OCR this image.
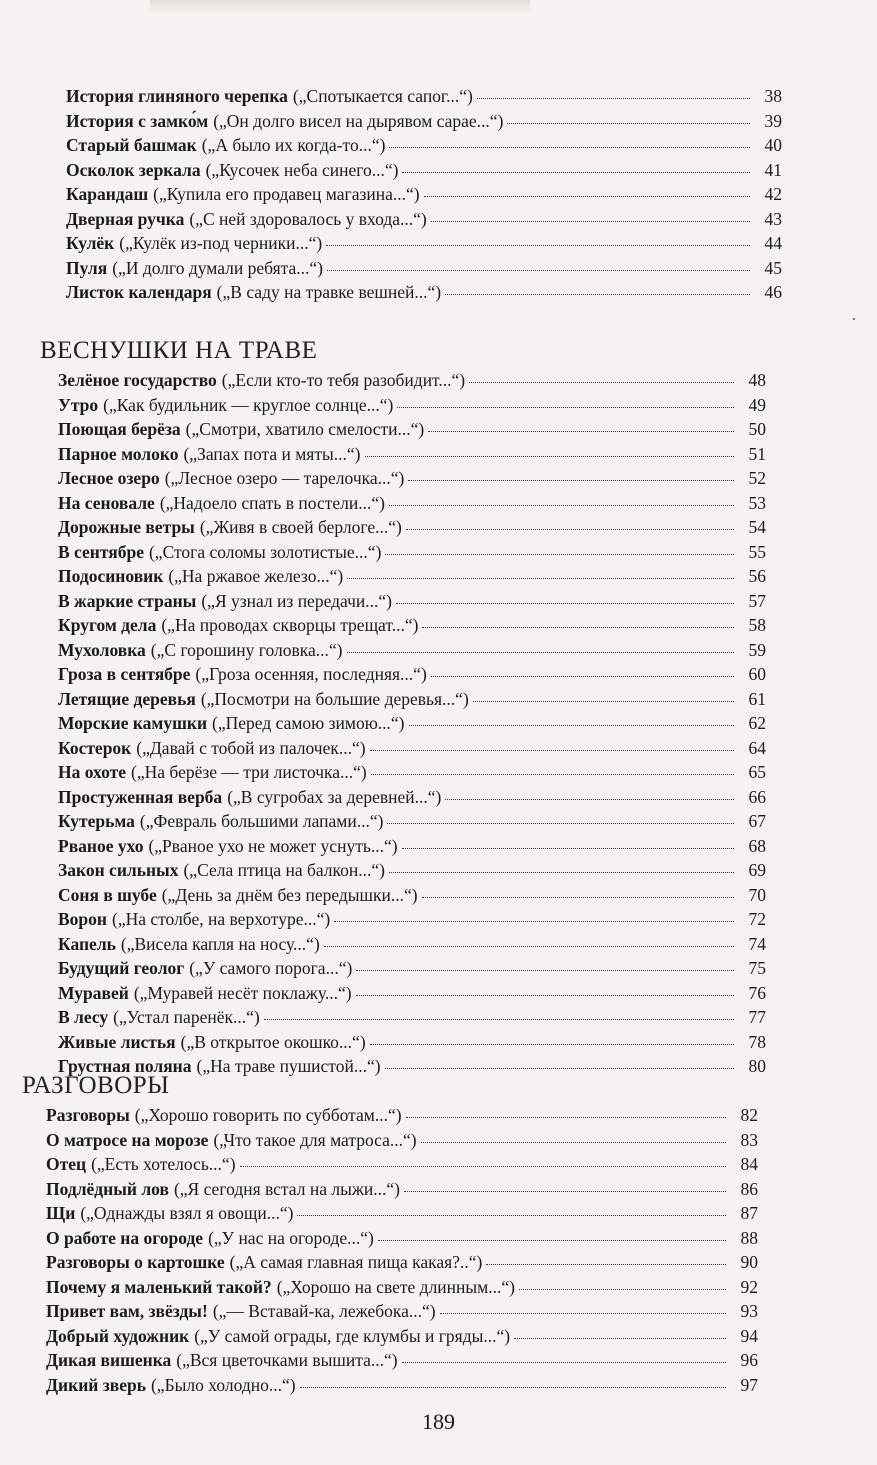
История глиняного черепка („Спотыкается сапог...“)	38
История с замко́м („Он долго висел на дырявом сарае...“)	39
Старый башмак („А было их когда-то...“)	40
Осколок зеркала („Кусочек неба синего...“)	41
Карандаш („Купила его продавец магазина...“)	42
Дверная ручка („С ней здоровалось у входа...“)	43
Кулёк („Кулёк из-под черники...“)	44
Пуля („И долго думали ребята...“)	45
Листок календаря („В саду на травке вешней...“)	46
ВЕСНУШКИ НА ТРАВЕ
Зелёное государство („Если кто-то тебя разобидит...“)	48
Утро („Как будильник — круглое солнце...“)	49
Поющая берёза („Смотри, хватило смелости...“)	50
Парное молоко („Запах пота и мяты...“)	51
Лесное озеро („Лесное озеро — тарелочка...“)	52
На сеновале („Надоело спать в постели...“)	53
Дорожные ветры („Живя в своей берлоге...“)	54
В сентябре („Стога соломы золотистые...“)	55
Подосиновик („На ржавое железо...“)	56
В жаркие страны („Я узнал из передачи...“)	57
Кругом дела („На проводах скворцы трещат...“)	58
Мухоловка („С горошину головка...“)	59
Гроза в сентябре („Гроза осенняя, последняя...“)	60
Летящие деревья („Посмотри на большие деревья...“)	61
Морские камушки („Перед самою зимою...“)	62
Костерок („Давай с тобой из палочек...“)	64
На охоте („На берёзе — три листочка...“)	65
Простуженная верба („В сугробах за деревней...“)	66
Кутерьма („Февраль большими лапами...“)	67
Рваное ухо („Рваное ухо не может уснуть...“)	68
Закон сильных („Села птица на балкон...“)	69
Соня в шубе („День за днём без передышки...“)	70
Ворон („На столбе, на верхотуре...“)	72
Капель („Висела капля на носу...“)	74
Будущий геолог („У самого порога...“)	75
Муравей („Муравей несёт поклажу...“)	76
В лесу („Устал паренёк...“)	77
Живые листья („В открытое окошко...“)	78
Грустная поляна („На траве пушистой...“)	80
РАЗГОВОРЫ
Разговоры („Хорошо говорить по субботам...“)	82
О матросе на морозе („Что такое для матроса...“)	83
Отец („Есть хотелось...“)	84
Подлёдный лов („Я сегодня встал на лыжи...“)	86
Щи („Однажды взял я овощи...“)	87
О работе на огороде („У нас на огороде...“)	88
Разговоры о картошке („А самая главная пища какая?..“)	90
Почему я маленький такой? („Хорошо на свете длинным...“)	92
Привет вам, звёзды! („— Вставай-ка, лежебока...“)	93
Добрый художник („У самой ограды, где клумбы и гряды...“)	94
Дикая вишенка („Вся цветочками вышита...“)	96
Дикий зверь („Было холодно...“)	97
189
